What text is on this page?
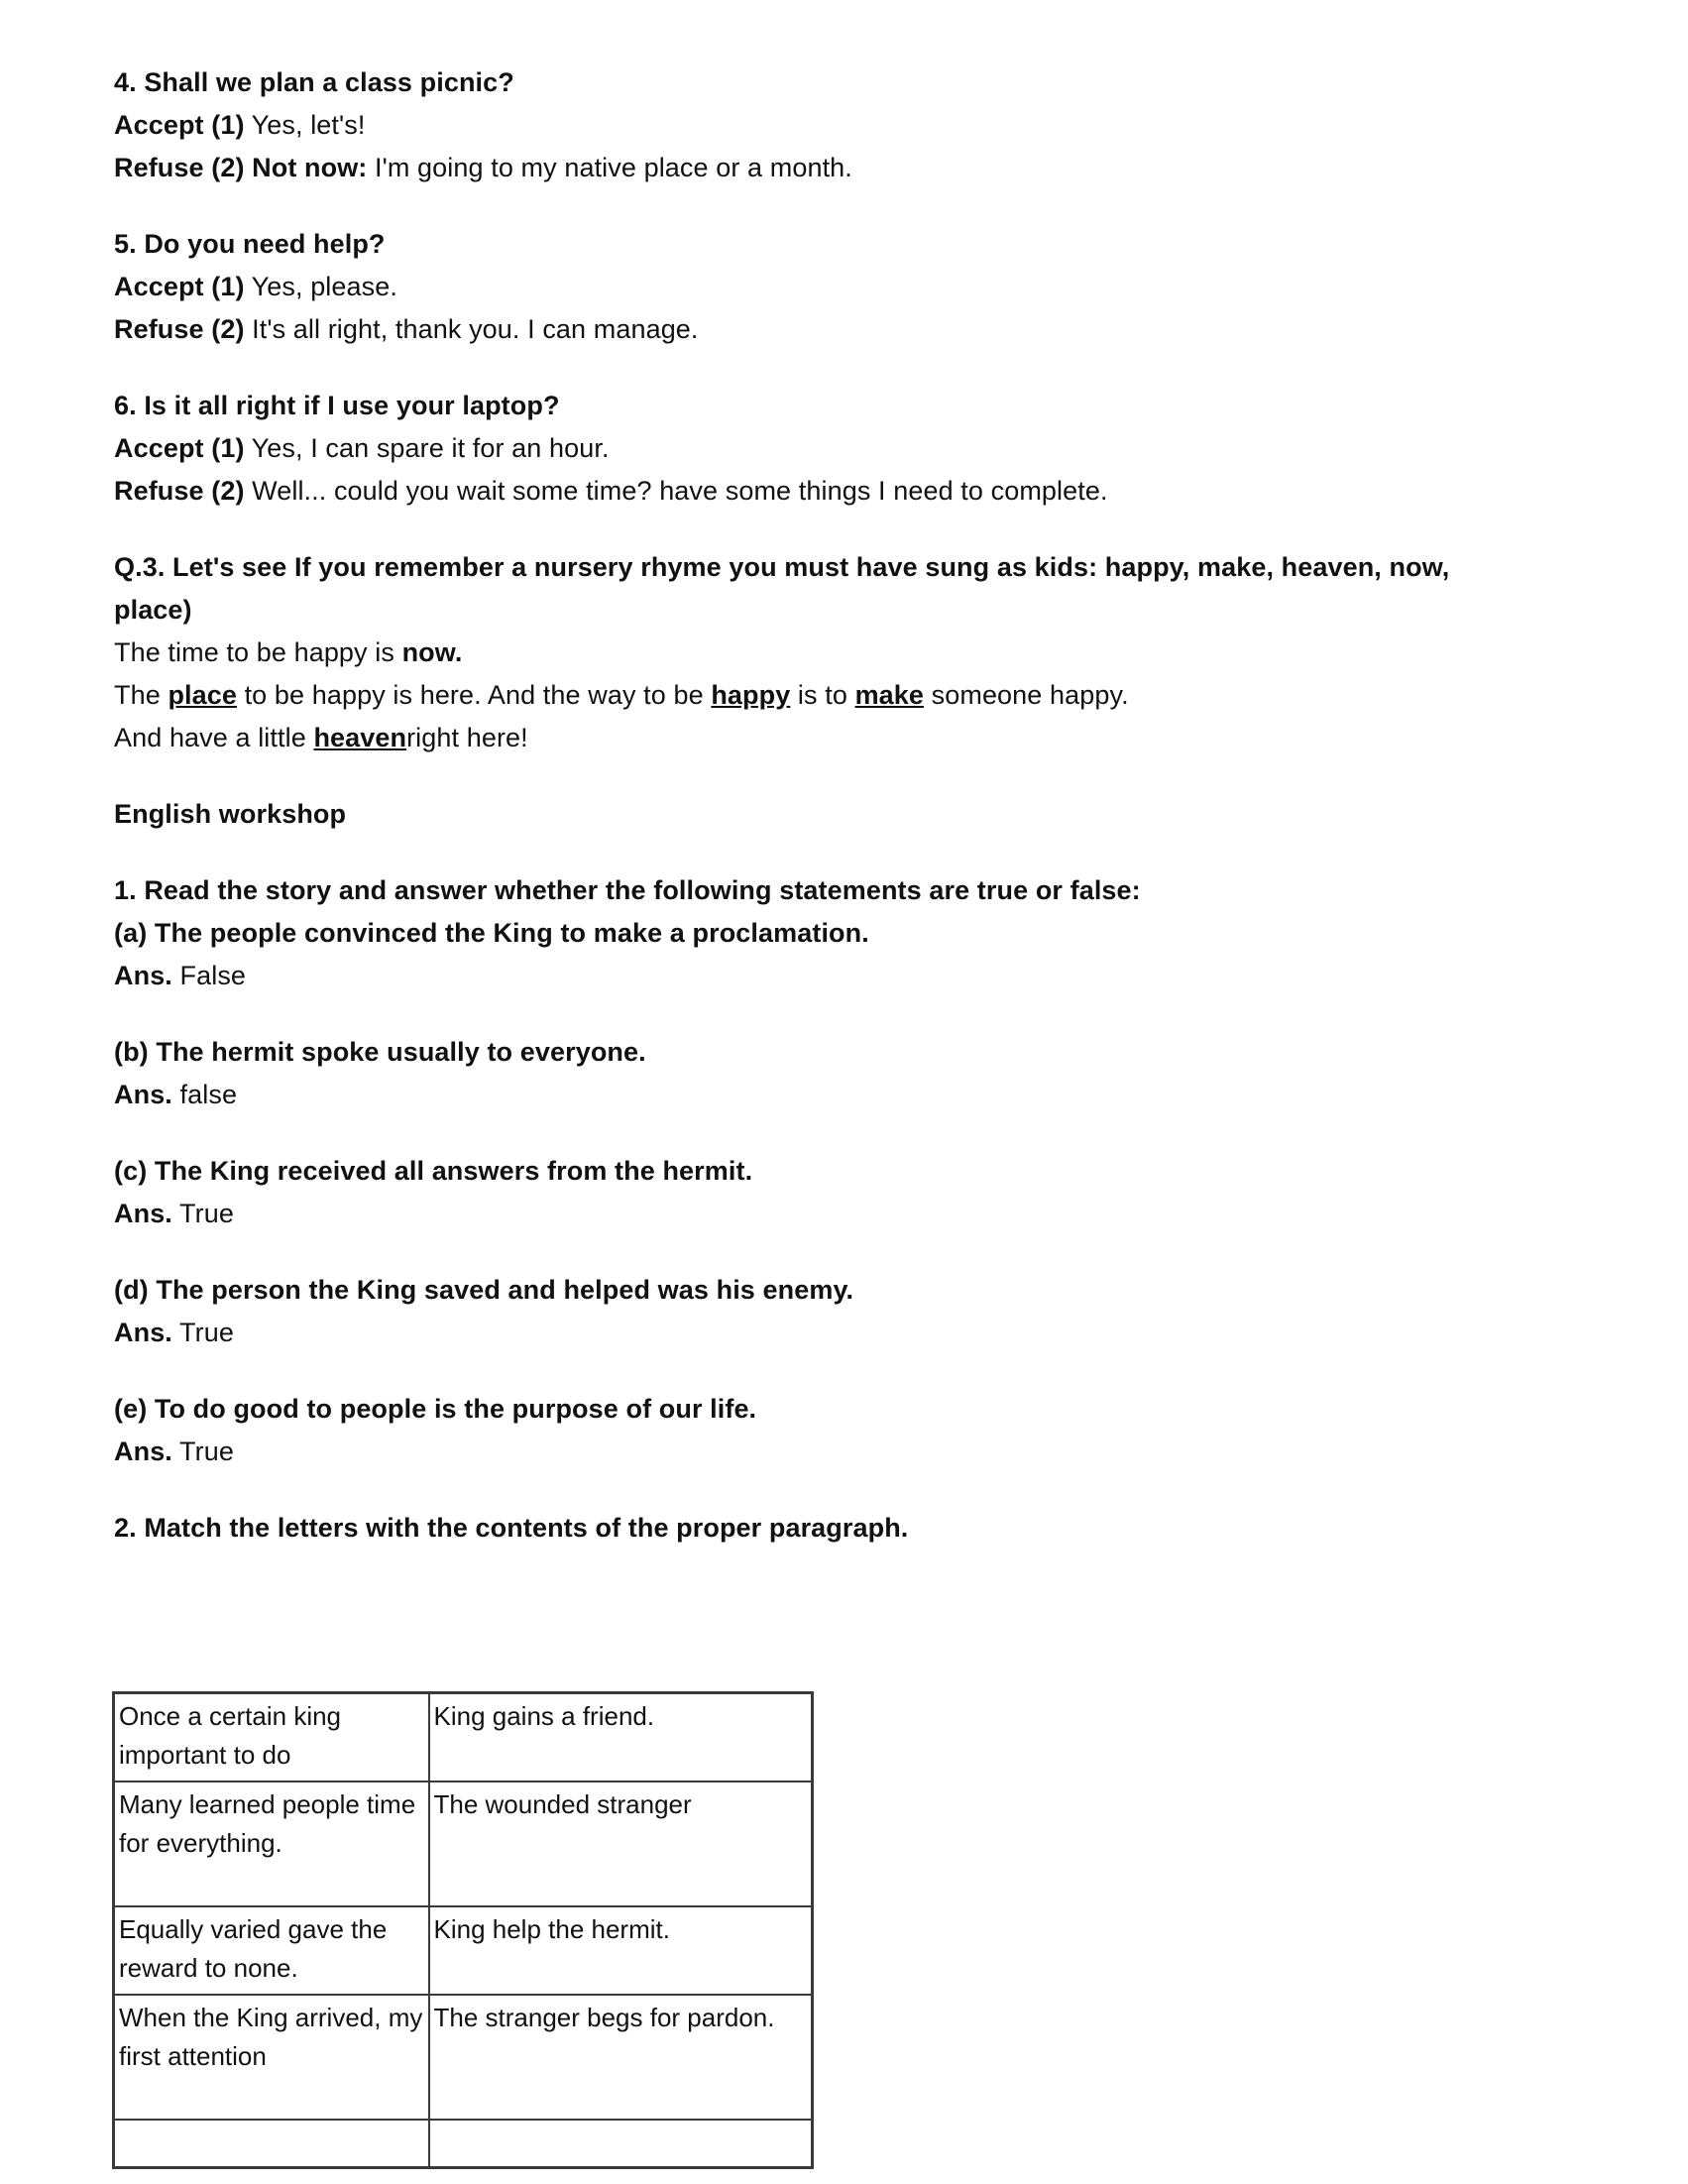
4. Shall we plan a class picnic?
Accept (1) Yes, let's!
Refuse (2) Not now: I'm going to my native place or a month.
5. Do you need help?
Accept (1) Yes, please.
Refuse (2) It's all right, thank you. I can manage.
6. Is it all right if I use your laptop?
Accept (1) Yes, I can spare it for an hour.
Refuse (2) Well... could you wait some time? have some things I need to complete.
Q.3. Let's see If you remember a nursery rhyme you must have sung as kids: happy, make, heaven, now, place)
The time to be happy is now.
The place to be happy is here. And the way to be happy is to make someone happy.
And have a little heavenright here!
English workshop
1. Read the story and answer whether the following statements are true or false:
(a) The people convinced the King to make a proclamation.
Ans. False
(b) The hermit spoke usually to everyone.
Ans. false
(c) The King received all answers from the hermit.
Ans. True
(d) The person the King saved and helped was his enemy.
Ans. True
(e) To do good to people is the purpose of our life.
Ans. True
2. Match the letters with the contents of the proper paragraph.
Once a certain king important to do	King gains a friend.
Many learned people time for everything.	The wounded stranger
Equally varied gave the reward to none.	King help the hermit.
When the King arrived, my first attention	The stranger begs for pardon.
